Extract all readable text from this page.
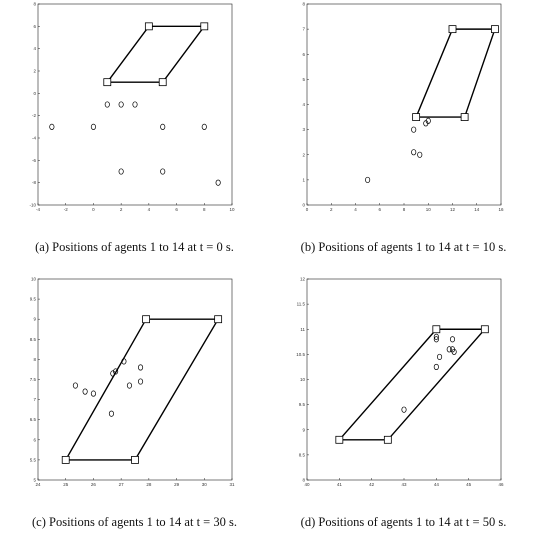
-4	-2	0	2	4	6	8	10
-10
-8
-6
-4
-2
0
2
4
6
8
(a) Positions of agents 1 to 14 at t = 0 s.
0	2	4	6	8	10	12	14	16
0
1
2
3
4
5
6
7
8
(b) Positions of agents 1 to 14 at t = 10 s.
24	25	26	27	28	29	30	31
5
5.5
6
6.5
7
7.5
8
8.5
9
9.5
10
(c) Positions of agents 1 to 14 at t = 30 s.
40	41	42	43	44	45	46
8
8.5
9
9.5
10
10.5
11
11.5
12
(d) Positions of agents 1 to 14 at t = 50 s.
